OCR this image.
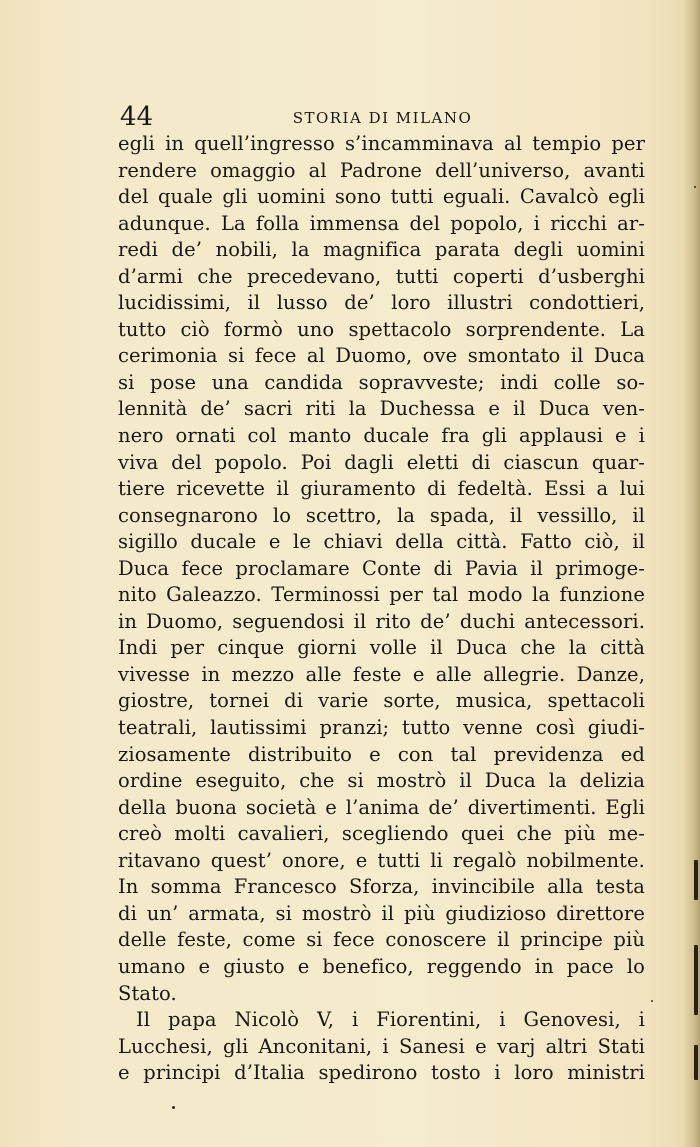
44	STORIA DI MILANO
egli in quell’ingresso s’incamminava al tempio per
rendere omaggio al Padrone dell’universo, avanti
del quale gli uomini sono tutti eguali. Cavalcò egli
adunque. La folla immensa del popolo, i ricchi ar-
redi de’ nobili, la magnifica parata degli uomini
d’armi che precedevano, tutti coperti d’usberghi
lucidissimi, il lusso de’ loro illustri condottieri,
tutto ciò formò uno spettacolo sorprendente. La
cerimonia si fece al Duomo, ove smontato il Duca
si pose una candida sopravveste; indi colle so-
lennità de’ sacri riti la Duchessa e il Duca ven-
nero ornati col manto ducale fra gli applausi e i
viva del popolo. Poi dagli eletti di ciascun quar-
tiere ricevette il giuramento di fedeltà. Essi a lui
consegnarono lo scettro, la spada, il vessillo, il
sigillo ducale e le chiavi della città. Fatto ciò, il
Duca fece proclamare Conte di Pavia il primoge-
nito Galeazzo. Terminossi per tal modo la funzione
in Duomo, seguendosi il rito de’ duchi antecessori.
Indi per cinque giorni volle il Duca che la città
vivesse in mezzo alle feste e alle allegrie. Danze,
giostre, tornei di varie sorte, musica, spettacoli
teatrali, lautissimi pranzi; tutto venne così giudi-
ziosamente distribuito e con tal previdenza ed
ordine eseguito, che si mostrò il Duca la delizia
della buona società e l’anima de’ divertimenti. Egli
creò molti cavalieri, scegliendo quei che più me-
ritavano quest’ onore, e tutti li regalò nobilmente.
In somma Francesco Sforza, invincibile alla testa
di un’ armata, si mostrò il più giudizioso direttore
delle feste, come si fece conoscere il principe più
umano e giusto e benefico, reggendo in pace lo
Stato.
Il papa Nicolò V, i Fiorentini, i Genovesi, i
Lucchesi, gli Anconitani, i Sanesi e varj altri Stati
e principi d’Italia spedirono tosto i loro ministri
